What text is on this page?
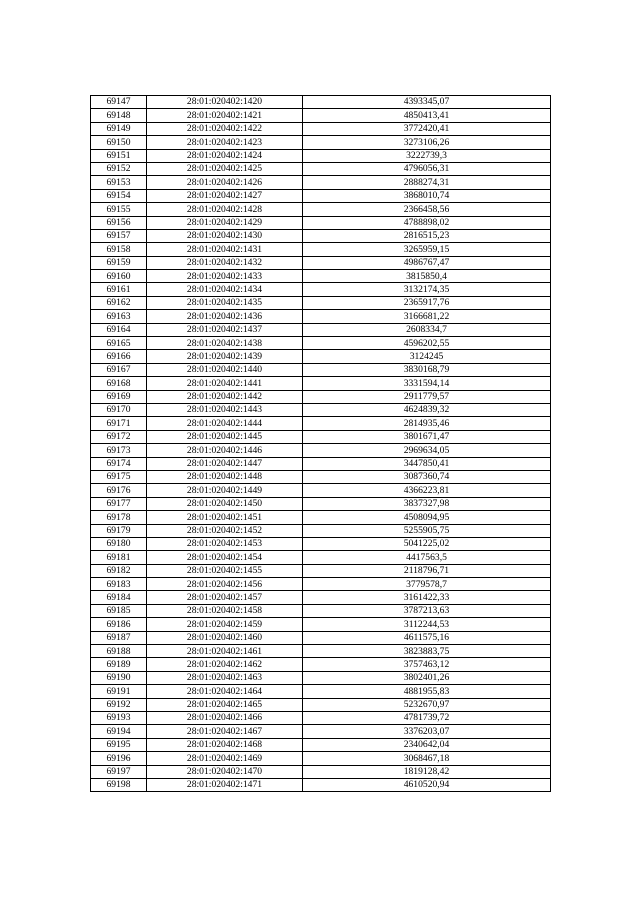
69147	28:01:020402:1420	4393345,07
69148	28:01:020402:1421	4850413,41
69149	28:01:020402:1422	3772420,41
69150	28:01:020402:1423	3273106,26
69151	28:01:020402:1424	3222739,3
69152	28:01:020402:1425	4796056,31
69153	28:01:020402:1426	2888274,31
69154	28:01:020402:1427	3868010,74
69155	28:01:020402:1428	2366458,56
69156	28:01:020402:1429	4788898,02
69157	28:01:020402:1430	2816515,23
69158	28:01:020402:1431	3265959,15
69159	28:01:020402:1432	4986767,47
69160	28:01:020402:1433	3815850,4
69161	28:01:020402:1434	3132174,35
69162	28:01:020402:1435	2365917,76
69163	28:01:020402:1436	3166681,22
69164	28:01:020402:1437	2608334,7
69165	28:01:020402:1438	4596202,55
69166	28:01:020402:1439	3124245
69167	28:01:020402:1440	3830168,79
69168	28:01:020402:1441	3331594,14
69169	28:01:020402:1442	2911779,57
69170	28:01:020402:1443	4624839,32
69171	28:01:020402:1444	2814935,46
69172	28:01:020402:1445	3801671,47
69173	28:01:020402:1446	2969634,05
69174	28:01:020402:1447	3447850,41
69175	28:01:020402:1448	3087360,74
69176	28:01:020402:1449	4366223,81
69177	28:01:020402:1450	3837327,98
69178	28:01:020402:1451	4508094,95
69179	28:01:020402:1452	5255905,75
69180	28:01:020402:1453	5041225,02
69181	28:01:020402:1454	4417563,5
69182	28:01:020402:1455	2118796,71
69183	28:01:020402:1456	3779578,7
69184	28:01:020402:1457	3161422,33
69185	28:01:020402:1458	3787213,63
69186	28:01:020402:1459	3112244,53
69187	28:01:020402:1460	4611575,16
69188	28:01:020402:1461	3823883,75
69189	28:01:020402:1462	3757463,12
69190	28:01:020402:1463	3802401,26
69191	28:01:020402:1464	4881955,83
69192	28:01:020402:1465	5232670,97
69193	28:01:020402:1466	4781739,72
69194	28:01:020402:1467	3376203,07
69195	28:01:020402:1468	2340642,04
69196	28:01:020402:1469	3068467,18
69197	28:01:020402:1470	1819128,42
69198	28:01:020402:1471	4610520,94
